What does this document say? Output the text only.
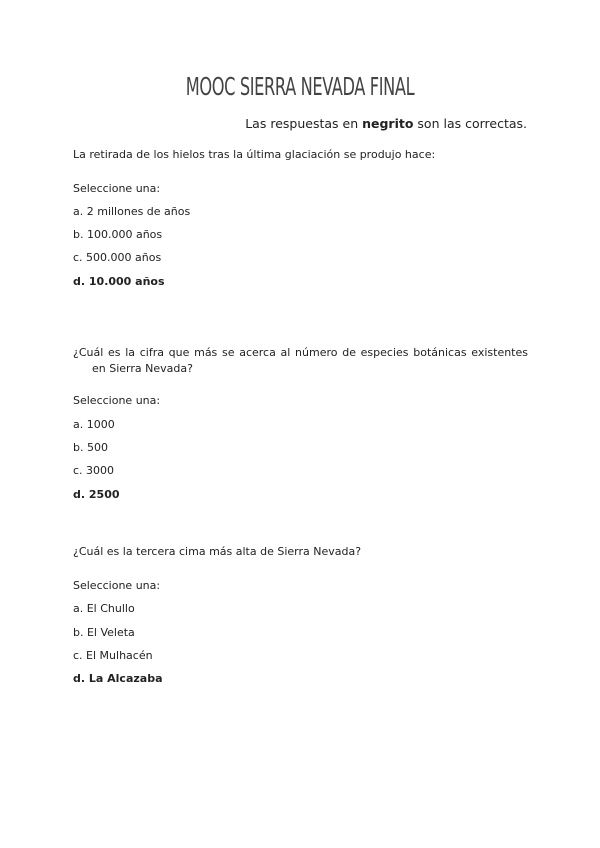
MOOC SIERRA NEVADA FINAL
Las respuestas en negrito son las correctas.
La retirada de los hielos tras la última glaciación se produjo hace:
Seleccione una:
a. 2 millones de años
b. 100.000 años
c. 500.000 años
d. 10.000 años
¿Cuál es la cifra que más se acerca al número de especies botánicas existentes en Sierra Nevada?
Seleccione una:
a. 1000
b. 500
c. 3000
d. 2500
¿Cuál es la tercera cima más alta de Sierra Nevada?
Seleccione una:
a. El Chullo
b. El Veleta
c. El Mulhacén
d. La Alcazaba
